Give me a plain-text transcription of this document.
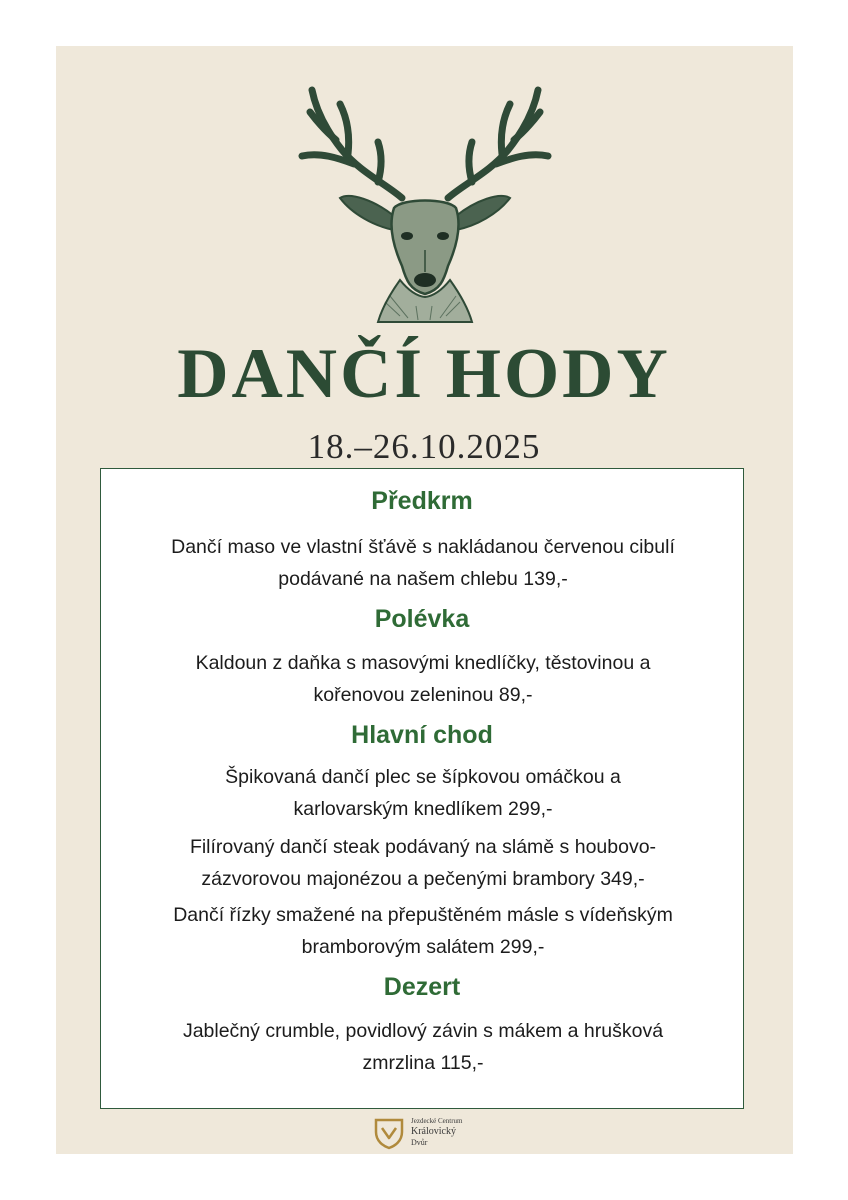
DANČÍ HODY
18.–26.10.2025
Předkrm
Dančí maso ve vlastní šťávě s nakládanou červenou cibulí
podávané na našem chlebu 139,-
Polévka
Kaldoun z daňka s masovými knedlíčky, těstovinou a
kořenovou zeleninou 89,-
Hlavní chod
Špikovaná dančí plec se šípkovou omáčkou a
karlovarským knedlíkem 299,-
Filírovaný dančí steak podávaný na slámě s houbovo-
zázvorovou majonézou a pečenými brambory 349,-
Dančí řízky smažené na přepuštěném másle s vídeňským
bramborovým salátem 299,-
Dezert
Jablečný crumble, povidlový závin s mákem a hrušková
zmrzlina 115,-
Jezdecké Centrum
Královický
Dvůr
